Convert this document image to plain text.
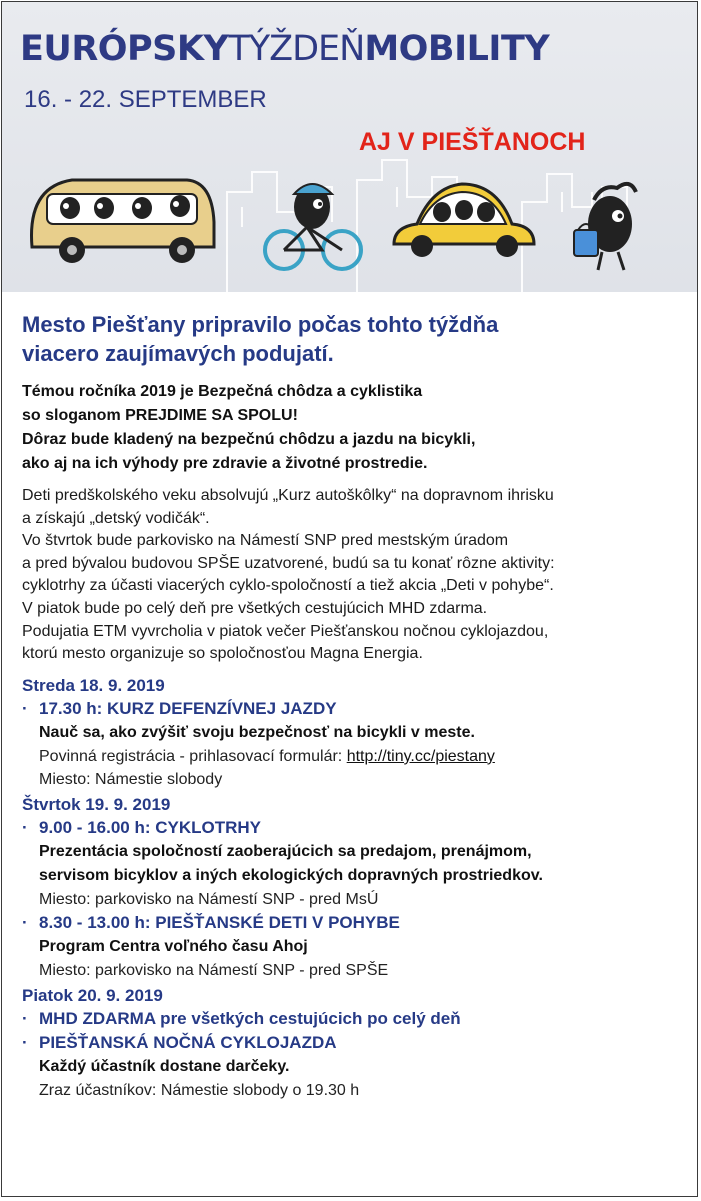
EURÓPSKYTÝŽDEŇMOBILITY
16. - 22. SEPTEMBER
AJ V PIEŠŤANOCH
Mesto Piešťany pripravilo počas tohto týždňa
viacero zaujímavých podujatí.
Témou ročníka 2019 je Bezpečná chôdza a cyklistika
so sloganom PREJDIME SA SPOLU!
Dôraz bude kladený na bezpečnú chôdzu a jazdu na bicykli,
ako aj na ich výhody pre zdravie a životné prostredie.
Deti predškolského veku absolvujú „Kurz autoškôlky“ na dopravnom ihrisku
a získajú „detský vodičák“.
Vo štvrtok bude parkovisko na Námestí SNP pred mestským úradom
a pred bývalou budovou SPŠE uzatvorené, budú sa tu konať rôzne aktivity:
cyklotrhy za účasti viacerých cyklo-spoločností a tiež akcia „Deti v pohybe“.
V piatok bude po celý deň pre všetkých cestujúcich MHD zdarma.
Podujatia ETM vyvrcholia v piatok večer Piešťanskou nočnou cyklojazdou,
ktorú mesto organizuje so spoločnosťou Magna Energia.
Streda 18. 9. 2019
· 17.30 h: KURZ DEFENZÍVNEJ JAZDY
Nauč sa, ako zvýšiť svoju bezpečnosť na bicykli v meste.
Povinná registrácia - prihlasovací formulár: http://tiny.cc/piestany
Miesto: Námestie slobody
Štvrtok 19. 9. 2019
· 9.00 - 16.00 h: CYKLOTRHY
Prezentácia spoločností zaoberajúcich sa predajom, prenájmom,
servisom bicyklov a iných ekologických dopravných prostriedkov.
Miesto: parkovisko na Námestí SNP - pred MsÚ
· 8.30 - 13.00 h: PIEŠŤANSKÉ DETI V POHYBE
Program Centra voľného času Ahoj
Miesto: parkovisko na Námestí SNP - pred SPŠE
Piatok 20. 9. 2019
· MHD ZDARMA pre všetkých cestujúcich po celý deň
· PIEŠŤANSKÁ NOČNÁ CYKLOJAZDA
Každý účastník dostane darčeky.
Zraz účastníkov: Námestie slobody o 19.30 h
